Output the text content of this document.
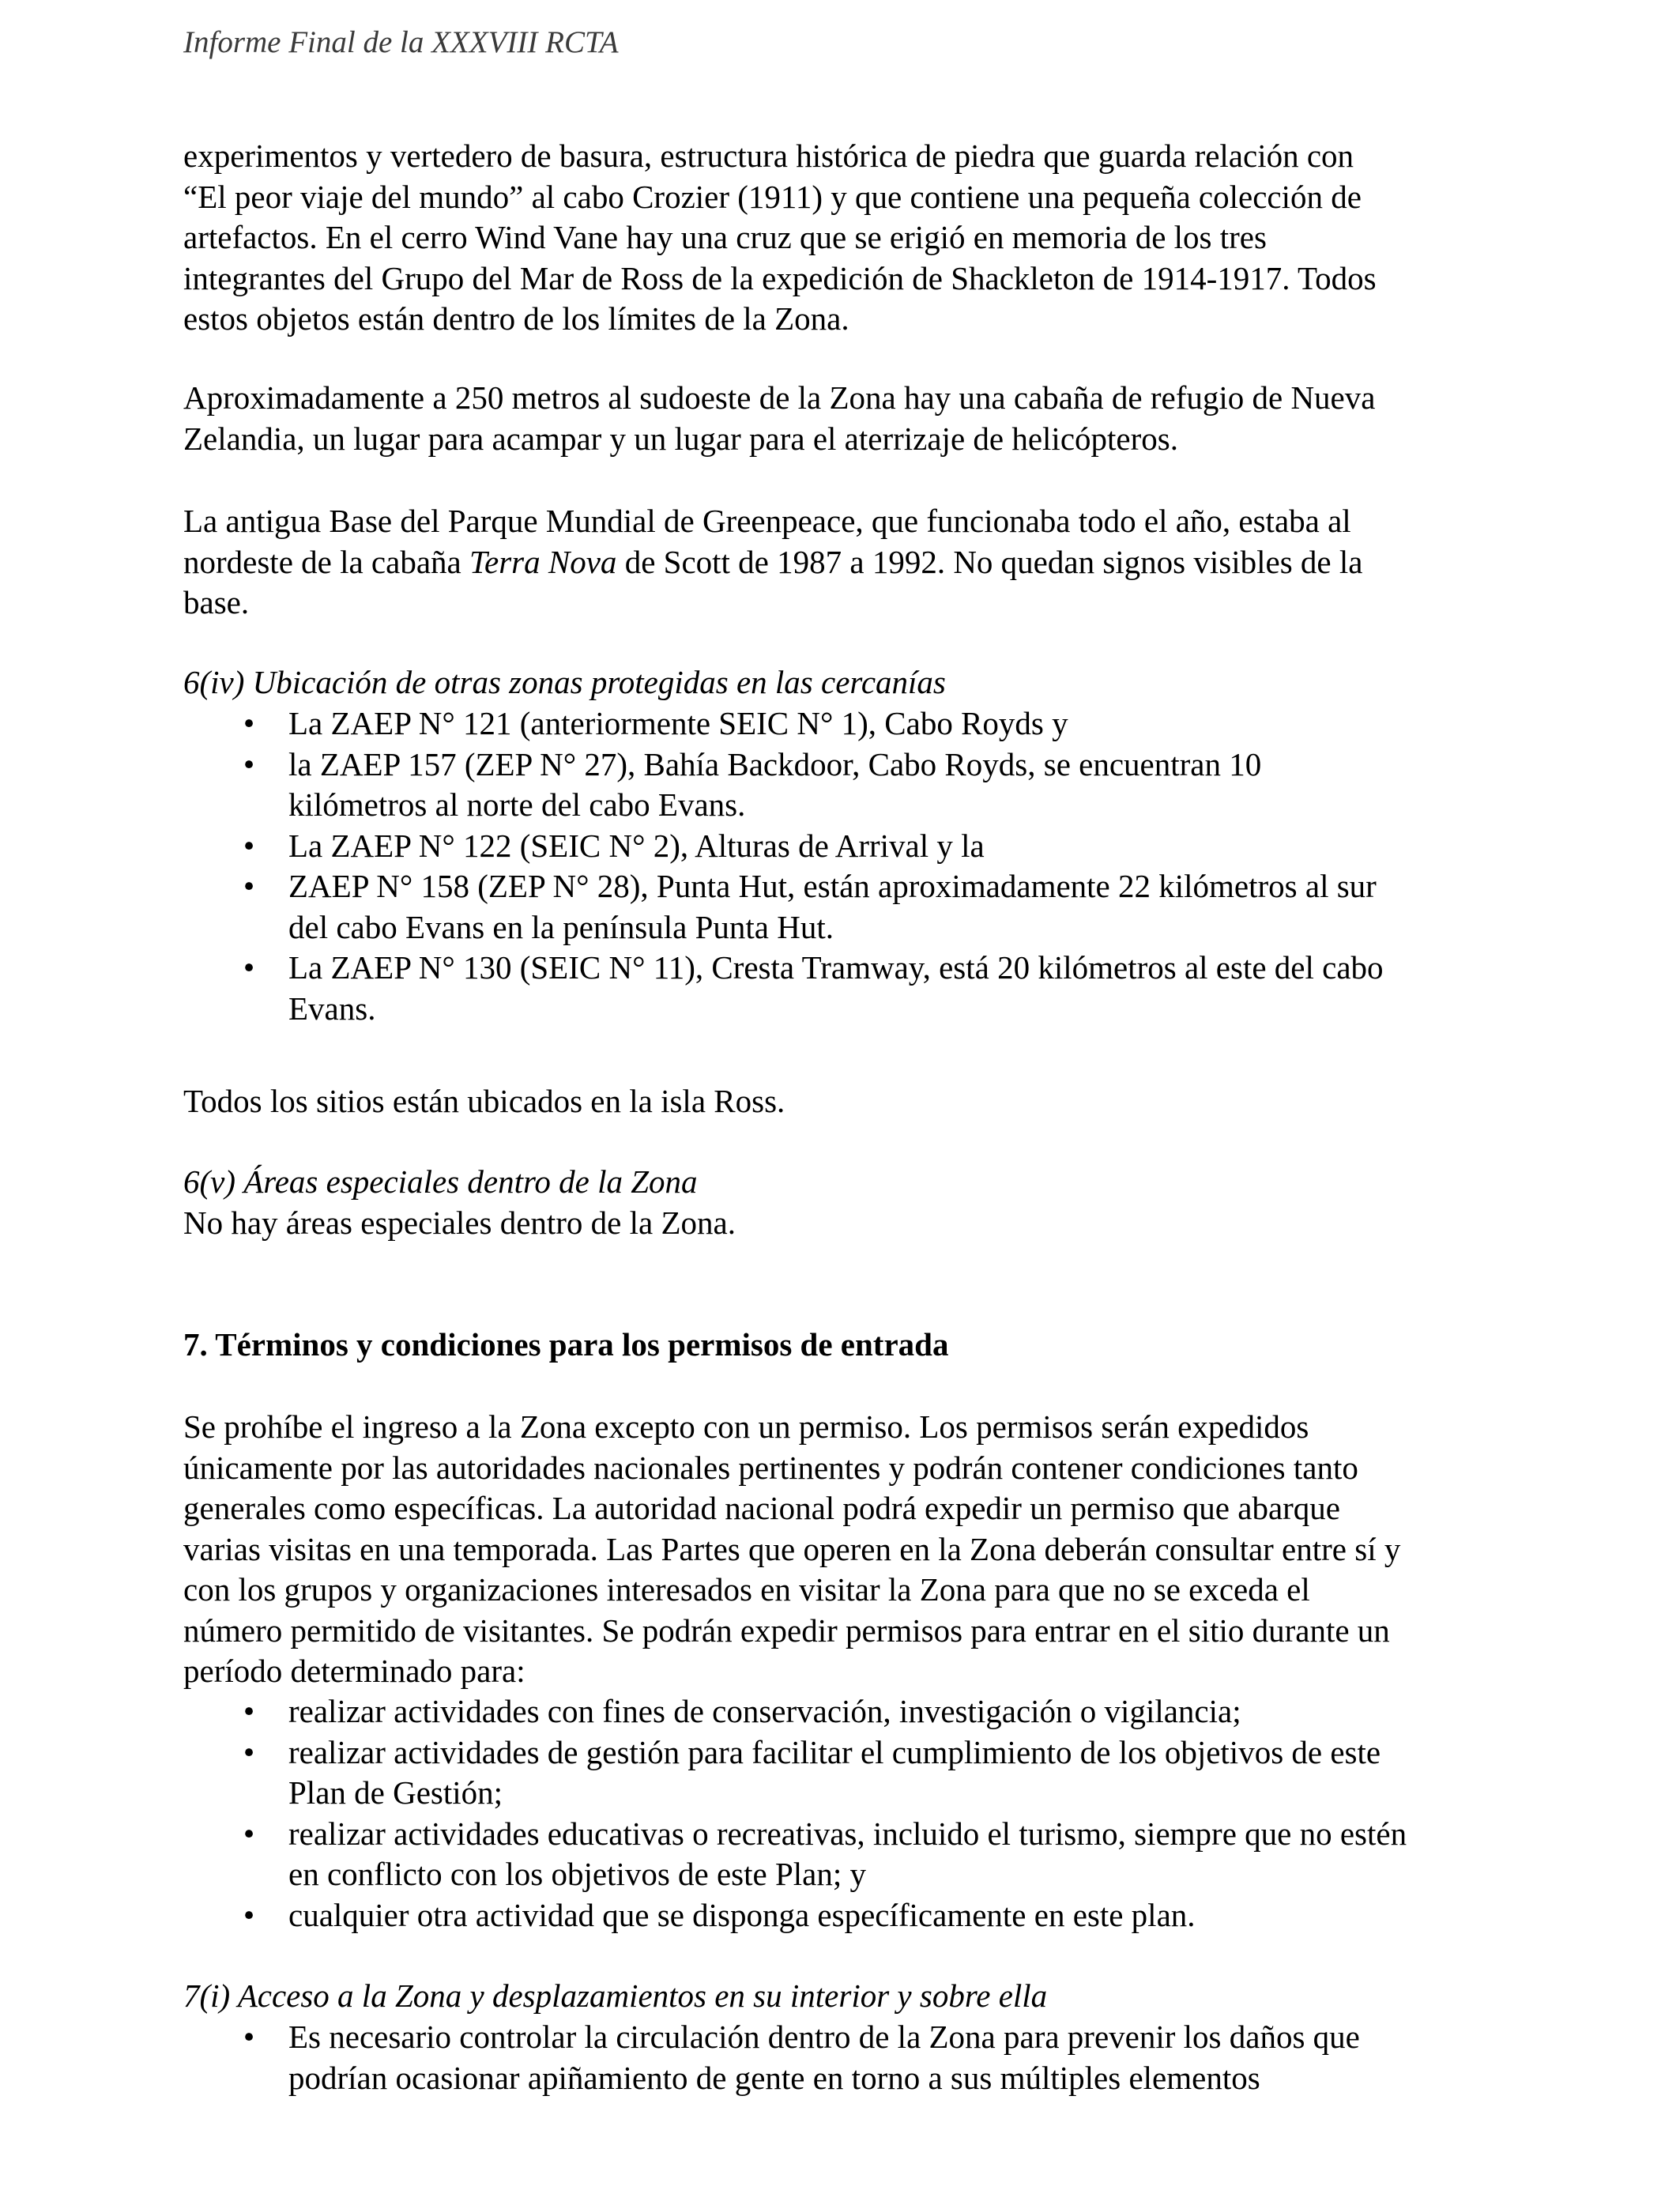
Informe Final de la XXXVIII RCTA

experimentos y vertedero de basura, estructura histórica de piedra que guarda relación con
“El peor viaje del mundo” al cabo Crozier (1911) y que contiene una pequeña colección de
artefactos. En el cerro Wind Vane hay una cruz que se erigió en memoria de los tres
integrantes del Grupo del Mar de Ross de la expedición de Shackleton de 1914-1917. Todos
estos objetos están dentro de los límites de la Zona.

Aproximadamente a 250 metros al sudoeste de la Zona hay una cabaña de refugio de Nueva
Zelandia, un lugar para acampar y un lugar para el aterrizaje de helicópteros.

La antigua Base del Parque Mundial de Greenpeace, que funcionaba todo el año, estaba al
nordeste de la cabaña Terra Nova de Scott de 1987 a 1992. No quedan signos visibles de la
base.

6(iv) Ubicación de otras zonas protegidas en las cercanías

• La ZAEP N° 121 (anteriormente SEIC N° 1), Cabo Royds y
• la ZAEP 157 (ZEP N° 27), Bahía Backdoor, Cabo Royds, se encuentran 10
kilómetros al norte del cabo Evans.
• La ZAEP N° 122 (SEIC N° 2), Alturas de Arrival y la
• ZAEP N° 158 (ZEP N° 28), Punta Hut, están aproximadamente 22 kilómetros al sur
del cabo Evans en la península Punta Hut.
• La ZAEP N° 130 (SEIC N° 11), Cresta Tramway, está 20 kilómetros al este del cabo
Evans.

Todos los sitios están ubicados en la isla Ross.

6(v) Áreas especiales dentro de la Zona

No hay áreas especiales dentro de la Zona.

7. Términos y condiciones para los permisos de entrada

Se prohíbe el ingreso a la Zona excepto con un permiso. Los permisos serán expedidos
únicamente por las autoridades nacionales pertinentes y podrán contener condiciones tanto
generales como específicas. La autoridad nacional podrá expedir un permiso que abarque
varias visitas en una temporada. Las Partes que operen en la Zona deberán consultar entre sí y
con los grupos y organizaciones interesados en visitar la Zona para que no se exceda el
número permitido de visitantes. Se podrán expedir permisos para entrar en el sitio durante un
período determinado para:

• realizar actividades con fines de conservación, investigación o vigilancia;
• realizar actividades de gestión para facilitar el cumplimiento de los objetivos de este
Plan de Gestión;
• realizar actividades educativas o recreativas, incluido el turismo, siempre que no estén
en conflicto con los objetivos de este Plan; y
• cualquier otra actividad que se disponga específicamente en este plan.

7(i) Acceso a la Zona y desplazamientos en su interior y sobre ella

• Es necesario controlar la circulación dentro de la Zona para prevenir los daños que
podrían ocasionar apiñamiento de gente en torno a sus múltiples elementos
